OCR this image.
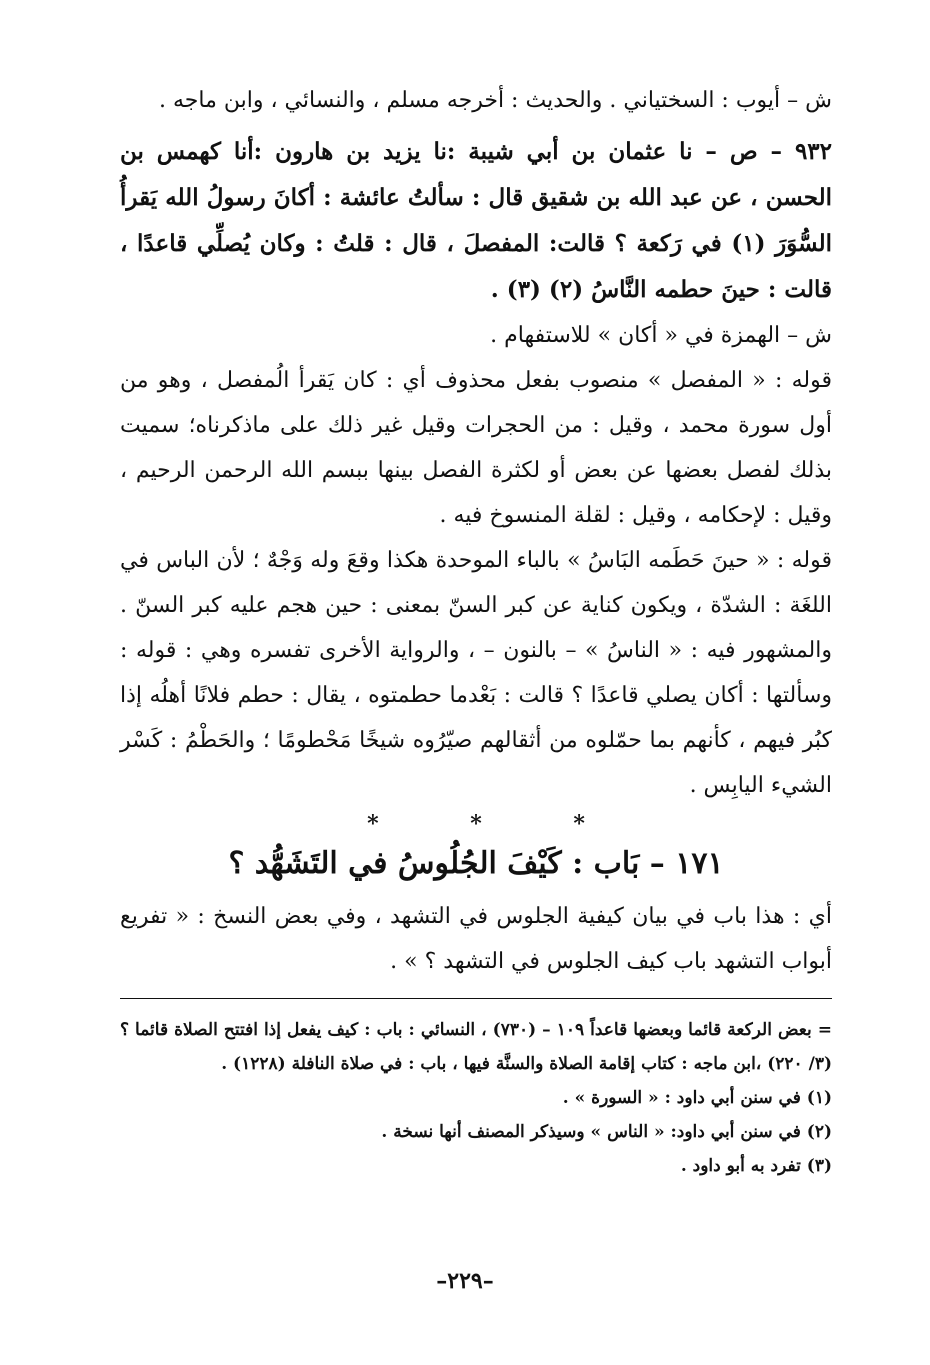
ش – أيوب : السختياني . والحديث : أخرجه مسلم ، والنسائي ، وابن ماجه .

٩٣٢ – ص – نا عثمان بن أبي شيبة :نا يزيد بن هارون :أنا كهمس بن الحسن ، عن عبد الله بن شقيق قال : سألتُ عائشة : أكانَ رسولُ الله يَقرأُ السُّوَرَ (١) في رَكعة ؟ قالت: المفصلَ ، قال : قلتُ : وكان يُصلِّي قاعدًا ، قالت : حينَ حطمه النَّاسُ (٢) (٣) .

ش – الهمزة في « أكان » للاستفهام .

قوله : « المفصل » منصوب بفعل محذوف أي : كان يَقرأ الُمفصل ، وهو من أول سورة محمد ، وقيل : من الحجرات وقيل غير ذلك على ماذكرناه؛ سميت بذلك لفصل بعضها عن بعض أو لكثرة الفصل بينها ببسم الله الرحمن الرحيم ، وقيل : لإحكامه ، وقيل : لقلة المنسوخ فيه .

قوله : « حينَ حَطَمه البَاسُ » بالباء الموحدة هكذا وقعَ وله وَجْهٌ ؛ لأن الباس في اللغَة : الشدّة ، ويكون كناية عن كبر السنّ بمعنى : حين هجم عليه كبر السنّ . والمشهور فيه : « الناسُ » – بالنون – ، والرواية الأخرى تفسره وهي : قوله : وسألتها : أكان يصلي قاعدًا ؟ قالت : بَعْدما حطمتوه ، يقال : حطم فلانًا أهلُه إذا كبُر فيهم ، كأنهم بما حمّلوه من أثقالهم صيّرُوه شيخًا مَحْطومًا ؛ والحَطْمُ : كَسْر الشيء اليابِس .

* * *

١٧١ – بَاب : كَيْفَ الجُلُوسُ في التَشَهُّد ؟

أي : هذا باب في بيان كيفية الجلوس في التشهد ، وفي بعض النسخ : « تفريع أبواب التشهد باب كيف الجلوس في التشهد ؟ » .

= بعض الركعة قائما وبعضها قاعداً ١٠٩ – (٧٣٠) ، النسائي : باب : كيف يفعل إذا افتتح الصلاة قائما ؟ (٣/ ٢٢٠) ،ابن ماجه : كتاب إقامة الصلاة والسنَّة فيها ، باب : في صلاة النافلة (١٢٢٨) .

(١) في سنن أبي داود : « السورة » .

(٢) في سنن أبي داود: « الناس » وسيذكر المصنف أنها نسخة .

(٣) تفرد به أبو داود .

–٢٢٩–
